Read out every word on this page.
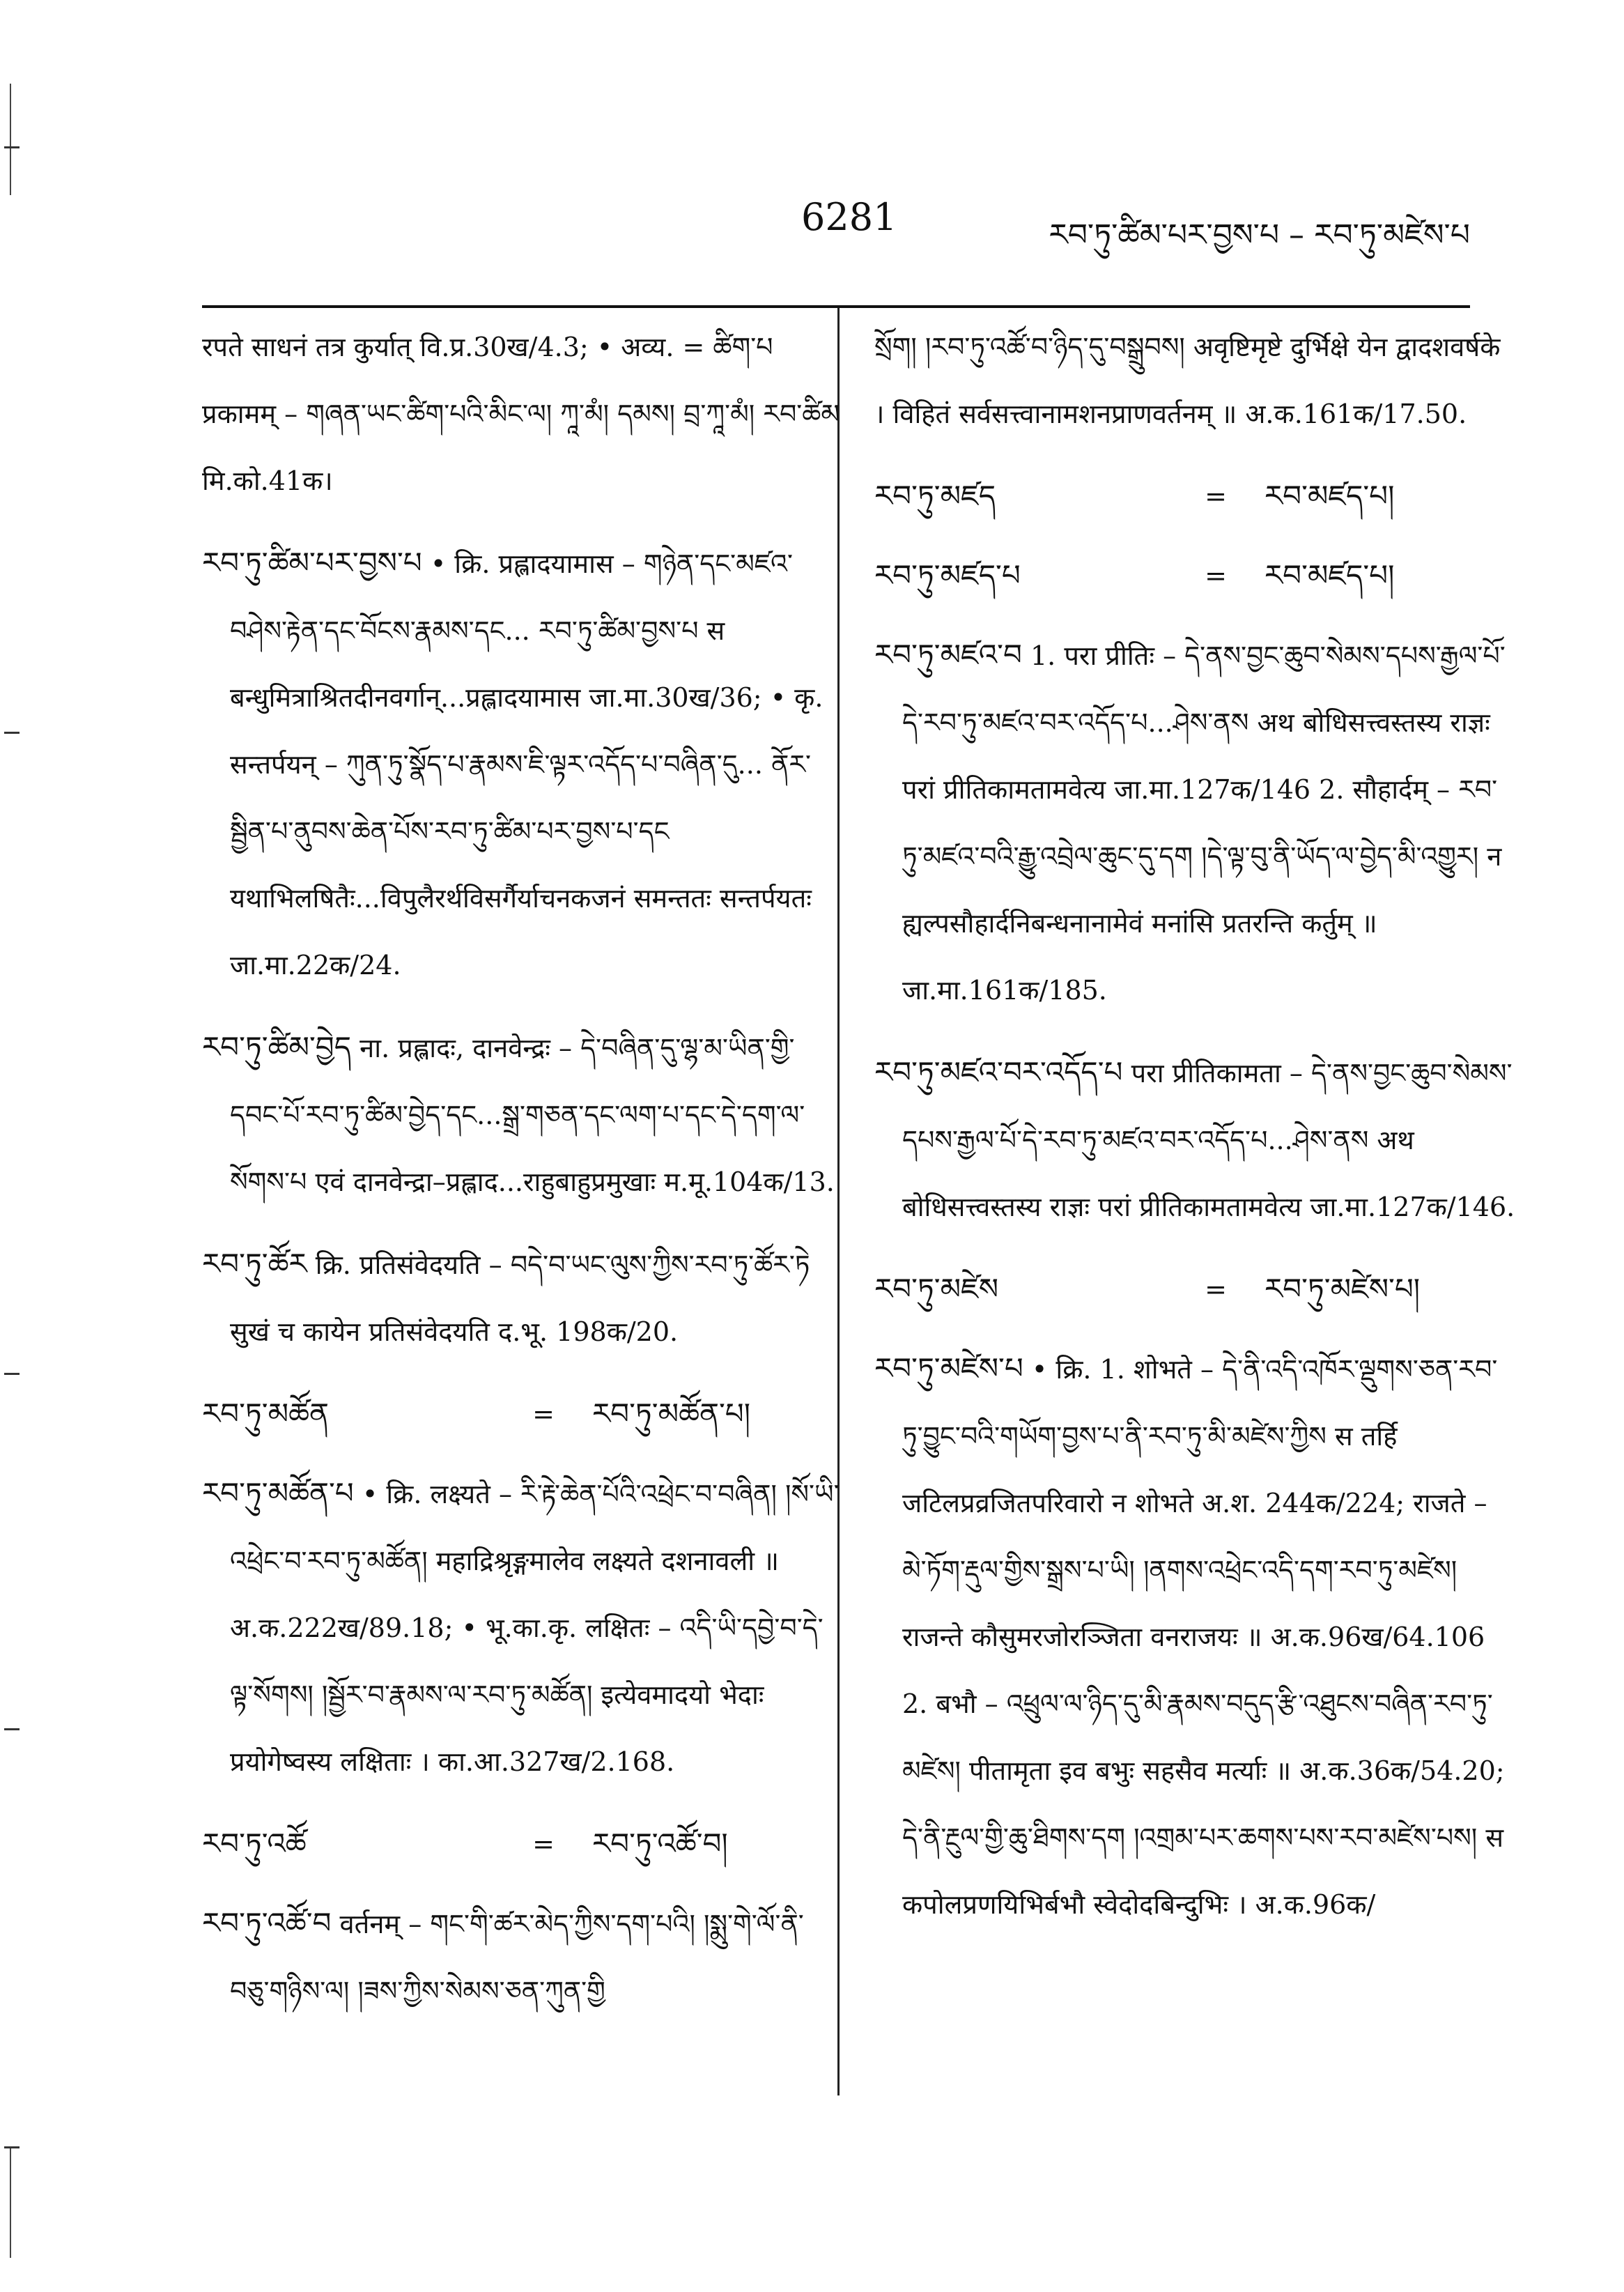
6281	རབ་ཏུ་ཚིམ་པར་བྱས་པ – རབ་ཏུ་མཛེས་པ

रपते साधनं तत्र कुर्यात् वि.प्र.30ख/4.3; • अव्य. = ཚིག་པ प्रकामम् – གཞན་ཡང་ཚིག་པའི་མིང་ལ། ཀཱ་མཾ། དམས། བྲ་ཀཱ་མཾ། རབ་ཚིམ मि.को.41क।

རབ་ཏུ་ཚིམ་པར་བྱས་པ • क्रि. प्रह्लादयामास – གཉེན་དང་མཛའ་བཤེས་རྟེན་དང་བོངས་རྣམས་དང... རབ་ཏུ་ཚིམ་བྱས་པ स बन्धुमित्राश्रितदीनवर्गान्...प्रह्लादयामास जा.मा.30ख/36; • कृ. सन्तर्पयन् – ཀུན་ཏུ་སྣོད་པ་རྣམས་ཇི་ལྟར་འདོད་པ་བཞིན་དུ... ནོར་སྦྱིན་པ་ནུབས་ཆེན་པོས་རབ་ཏུ་ཚིམ་པར་བྱས་པ་དང यथाभिलषितैः...विपुलैरर्थविसर्गैर्याचनकजनं समन्ततः सन्तर्पयतः जा.मा.22क/24.

རབ་ཏུ་ཚིམ་བྱེད ना. प्रह्लादः, दानवेन्द्रः – དེ་བཞིན་དུ་ལྷ་མ་ཡིན་གྱི་དབང་པོ་རབ་ཏུ་ཚིམ་བྱེད་དང...སྒྲ་གཅན་དང་ལག་པ་དང་དེ་དག་ལ་སོགས་པ एवं दानवेन्द्रा–प्रह्लाद...राहुबाहुप्रमुखाः म.मू.104क/13.

རབ་ཏུ་ཚོར क्रि. प्रतिसंवेदयति – བདེ་བ་ཡང་ལུས་ཀྱིས་རབ་ཏུ་ཚོར་ཏེ सुखं च कायेन प्रतिसंवेदयति द.भू. 198क/20.

རབ་ཏུ་མཚོན	=	རབ་ཏུ་མཚོན་པ།

རབ་ཏུ་མཚོན་པ • क्रि. लक्ष्यते – རི་རྟེ་ཆེན་པོའི་འཕྲེང་བ་བཞིན། །སོ་ཡི་འཕྲེང་བ་རབ་ཏུ་མཚོན། महाद्रिश्रृङ्गमालेव लक्ष्यते दशनावली ॥ अ.क.222ख/89.18; • भू.का.कृ. लक्षितः – འདི་ཡི་དབྱེ་བ་དེ་ལྟ་སོགས། །སྦྱོར་བ་རྣམས་ལ་རབ་ཏུ་མཚོན། इत्येवमादयो भेदाः प्रयोगेष्वस्य लक्षिताः । का.आ.327ख/2.168.

རབ་ཏུ་འཚོ	=	རབ་ཏུ་འཚོ་བ།

རབ་ཏུ་འཚོ་བ वर्तनम् – གང་གི་ཚར་མེད་ཀྱིས་དག་པའི། །སྨུ་གེ་ལོ་ནི་བཅུ་གཉིས་ལ། །ཟས་ཀྱིས་སེམས་ཅན་ཀུན་གྱི

སྲོག། །རབ་ཏུ་འཚོ་བ་ཉིད་དུ་བསྒྲུབས། अवृष्टिमृष्टे दुर्भिक्षे येन द्वादशवर्षके । विहितं सर्वसत्त्वानामशनप्राणवर्तनम् ॥ अ.क.161क/17.50.

རབ་ཏུ་མཛད	=	རབ་མཛད་པ།
རབ་ཏུ་མཛད་པ	=	རབ་མཛད་པ།

རབ་ཏུ་མཛའ་བ 1. परा प्रीतिः – དེ་ནས་བྱང་ཆུབ་སེམས་དཔས་རྒྱལ་པོ་དེ་རབ་ཏུ་མཛའ་བར་འདོད་པ...ཤེས་ནས अथ बोधिसत्त्वस्तस्य राज्ञः परां प्रीतिकामतामवेत्य जा.मा.127क/146 2. सौहार्दम् – རབ་ཏུ་མཛའ་བའི་རྒྱུ་འབྲེལ་ཆུང་དུ་དག །དེ་ལྟ་བུ་ནི་ཡོད་ལ་བྱེད་མི་འགྱུར། न ह्यल्पसौहार्दनिबन्धनानामेवं मनांसि प्रतरन्ति कर्तुम् ॥ जा.मा.161क/185.

རབ་ཏུ་མཛའ་བར་འདོད་པ परा प्रीतिकामता – དེ་ནས་བྱང་ཆུབ་སེམས་དཔས་རྒྱལ་པོ་དེ་རབ་ཏུ་མཛའ་བར་འདོད་པ...ཤེས་ནས अथ बोधिसत्त्वस्तस्य राज्ञः परां प्रीतिकामतामवेत्य जा.मा.127क/146.

རབ་ཏུ་མཛེས	=	རབ་ཏུ་མཛེས་པ།

རབ་ཏུ་མཛེས་པ • क्रि. 1. शोभते – དེ་ནི་འདི་འཁོར་ལྡུགས་ཅན་རབ་ཏུ་བྱུང་བའི་གཡོག་བྱས་པ་ནི་རབ་ཏུ་མི་མཛེས་ཀྱིས स तर्हि जटिलप्रव्रजितपरिवारो न शोभते अ.श. 244क/224; राजते – མེ་ཏོག་རྡུལ་གྱིས་སྒྲས་པ་ཡི། །ནགས་འཕྲེང་འདི་དག་རབ་ཏུ་མཛེས། राजन्ते कौसुमरजोरञ्जिता वनराजयः ॥ अ.क.96ख/64.106 2. बभौ – འཕྲུལ་ལ་ཉིད་དུ་མི་རྣམས་བདུད་རྩི་འཐུངས་བཞིན་རབ་ཏུ་མཛེས། पीतामृता इव बभुः सहसैव मर्त्याः ॥ अ.क.36क/54.20; དེ་ནི་རྔུལ་གྱི་ཆུ་ཐིགས་དག །འགྲམ་པར་ཆགས་པས་རབ་མཛེས་པས། स कपोलप्रणयिभिर्बभौ स्वेदोदबिन्दुभिः । अ.क.96क/
